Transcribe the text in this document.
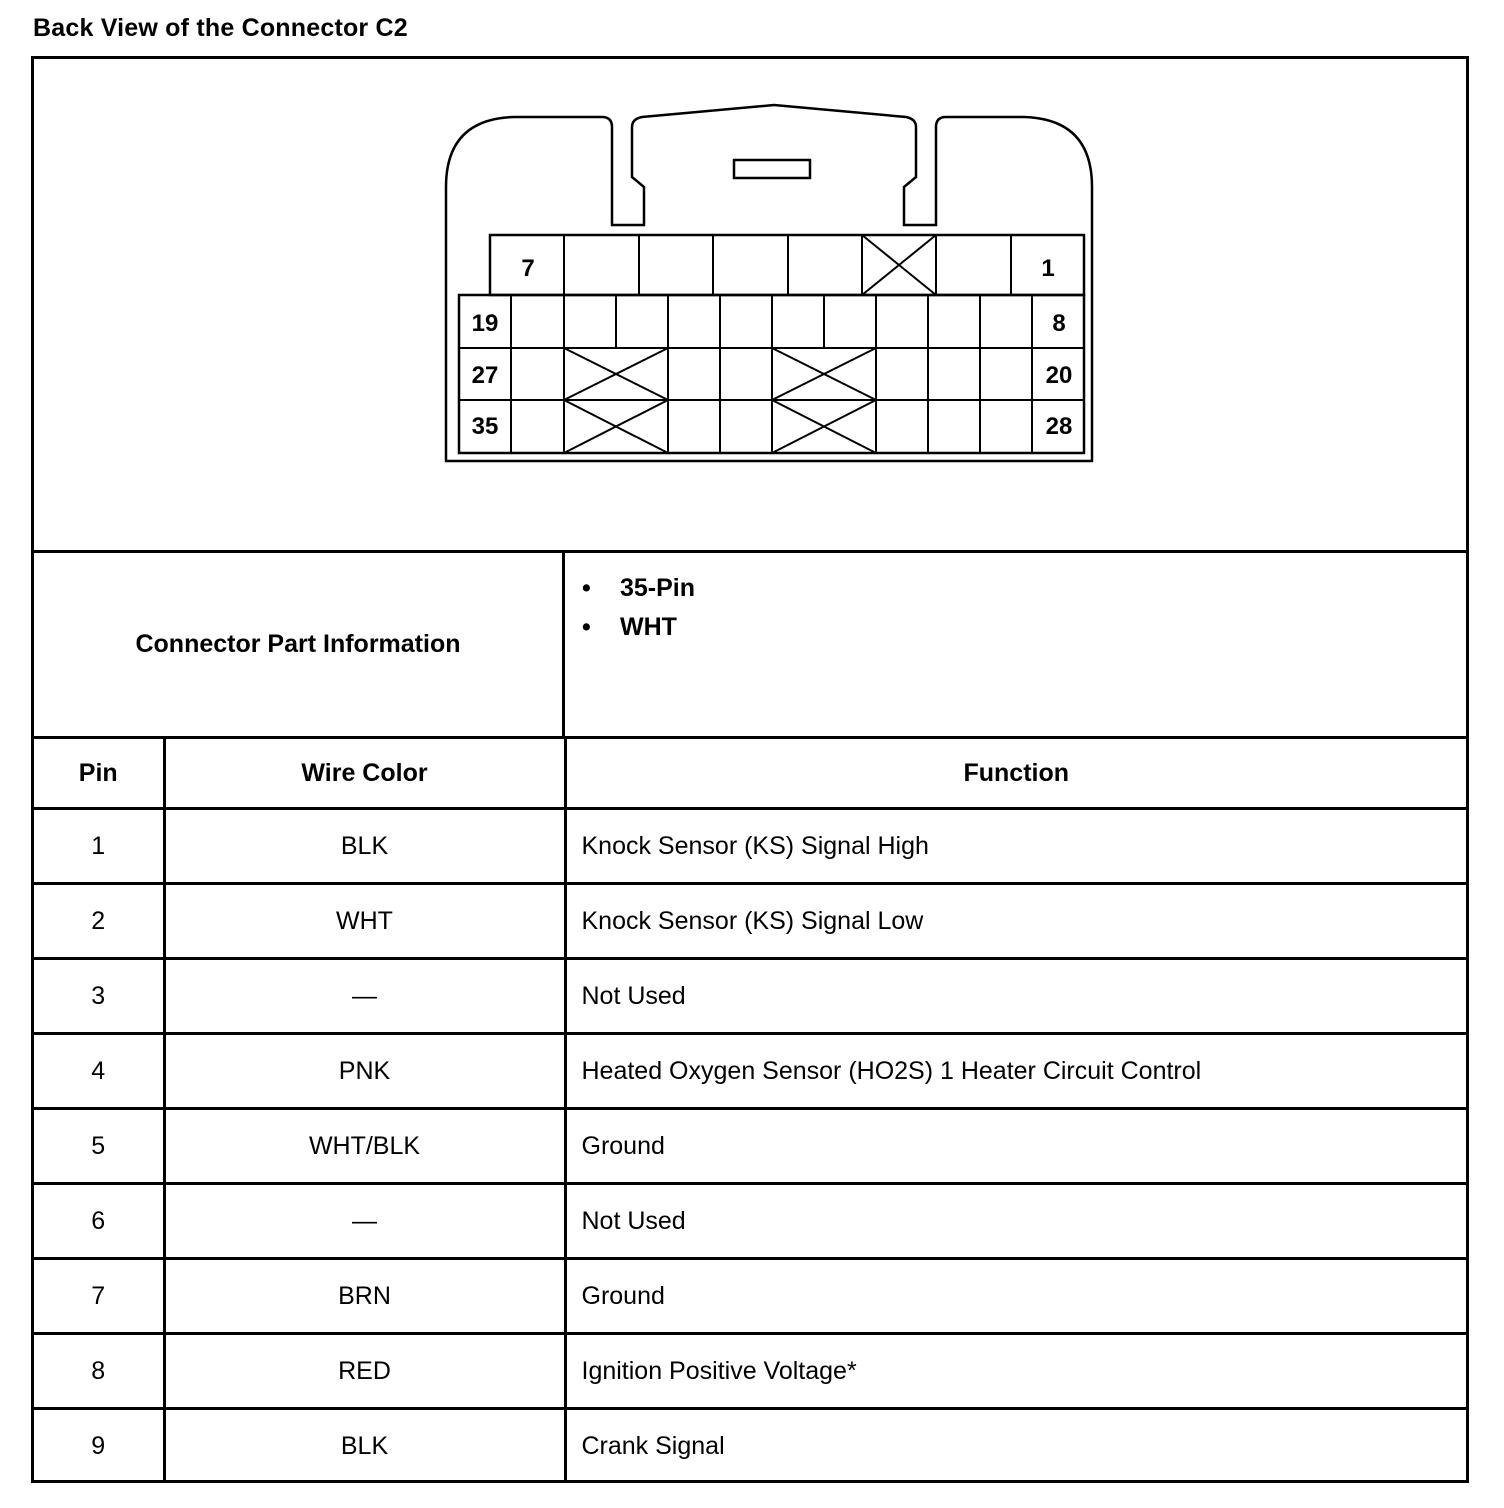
Back View of the Connector C2
7	1
19	8
27	20
35	28
Connector Part Information
• 35-Pin
• WHT
Pin	Wire Color	Function
1	BLK	Knock Sensor (KS) Signal High
2	WHT	Knock Sensor (KS) Signal Low
3	—	Not Used
4	PNK	Heated Oxygen Sensor (HO2S) 1 Heater Circuit Control
5	WHT/BLK	Ground
6	—	Not Used
7	BRN	Ground
8	RED	Ignition Positive Voltage*
9	BLK	Crank Signal
